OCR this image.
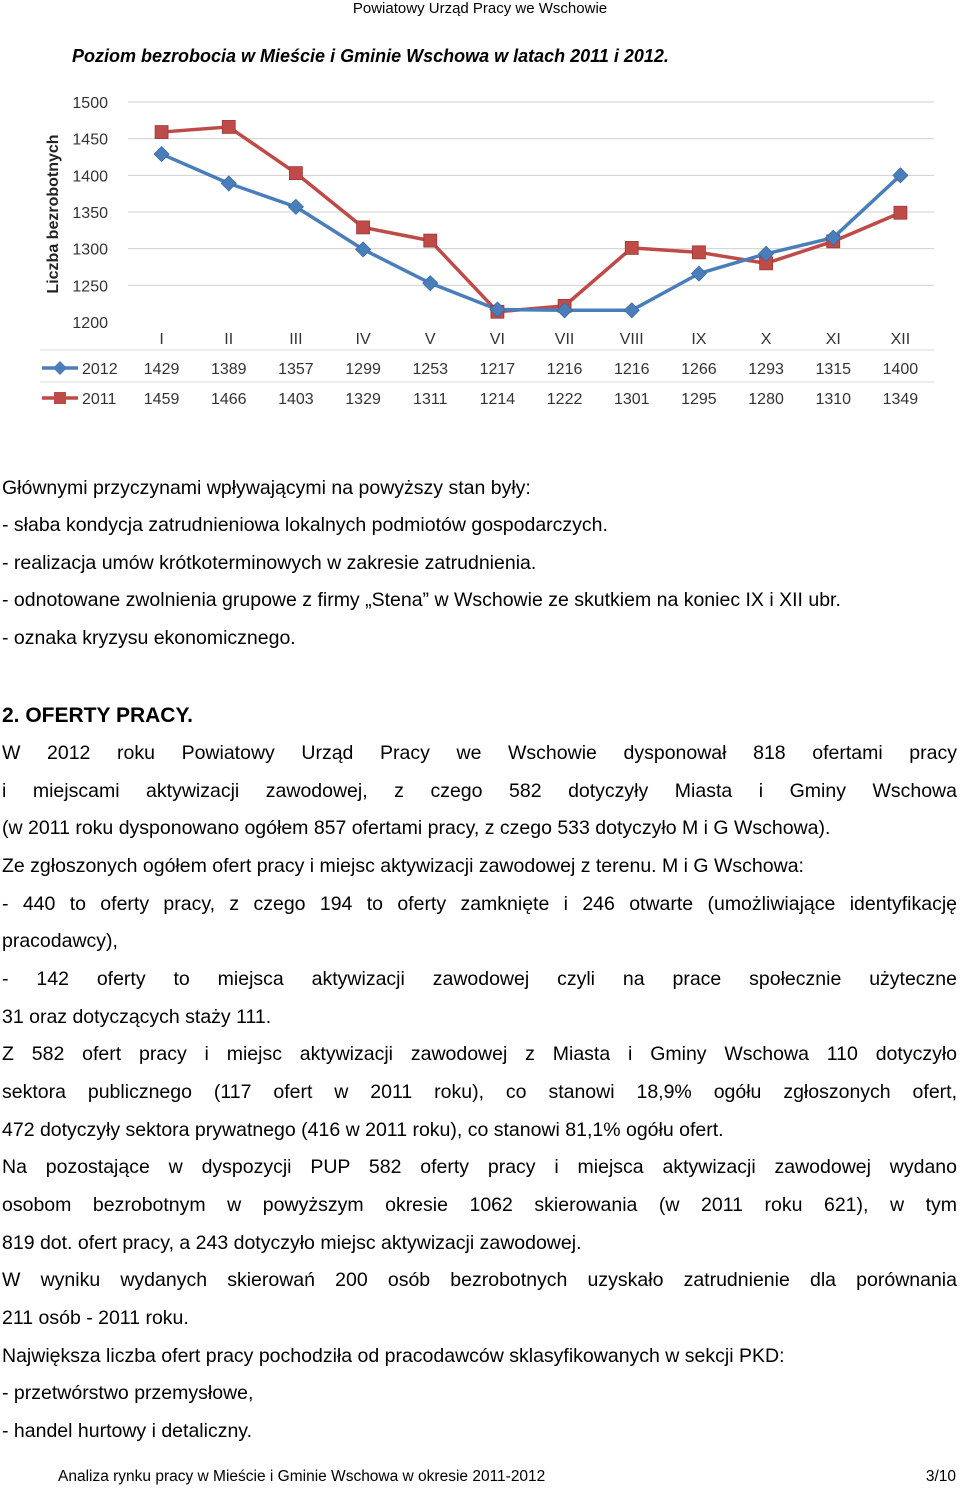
Powiatowy Urząd Pracy we Wschowie
Poziom bezrobocia w Mieście i Gminie Wschowa w latach 2011 i 2012.
Liczba bezrobotnych
1500
1450
1400
1350
1300
1250
1200
I	II	III	IV	V	VI	VII	VIII	IX	X	XI	XII
2012 1429 1389 1357 1299 1253 1217 1216 1216 1266 1293 1315 1400
2011 1459 1466 1403 1329 1311 1214 1222 1301 1295 1280 1310 1349
Głównymi przyczynami wpływającymi na powyższy stan były:
- słaba kondycja zatrudnieniowa lokalnych podmiotów gospodarczych.
- realizacja umów krótkoterminowych w zakresie zatrudnienia.
- odnotowane zwolnienia grupowe z firmy „Stena” w Wschowie ze skutkiem na koniec IX i XII ubr.
- oznaka kryzysu ekonomicznego.
2. OFERTY PRACY.
W 2012 roku Powiatowy Urząd Pracy we Wschowie dysponował 818 ofertami pracy
i miejscami aktywizacji zawodowej, z czego 582 dotyczyły Miasta i Gminy Wschowa
(w 2011 roku dysponowano ogółem 857 ofertami pracy, z czego 533 dotyczyło M i G Wschowa).
Ze zgłoszonych ogółem ofert pracy i miejsc aktywizacji zawodowej z terenu. M i G Wschowa:
- 440 to oferty pracy, z czego 194 to oferty zamknięte i 246 otwarte (umożliwiające identyfikację
pracodawcy),
- 142 oferty to miejsca aktywizacji zawodowej czyli na prace społecznie użyteczne
31 oraz dotyczących staży 111.
Z 582 ofert pracy i miejsc aktywizacji zawodowej z Miasta i Gminy Wschowa 110 dotyczyło
sektora publicznego (117 ofert w 2011 roku), co stanowi 18,9% ogółu zgłoszonych ofert,
472 dotyczyły sektora prywatnego (416 w 2011 roku), co stanowi 81,1% ogółu ofert.
Na pozostające w dyspozycji PUP 582 oferty pracy i miejsca aktywizacji zawodowej wydano
osobom bezrobotnym w powyższym okresie 1062 skierowania (w 2011 roku 621), w tym
819 dot. ofert pracy, a 243 dotyczyło miejsc aktywizacji zawodowej.
W wyniku wydanych skierowań 200 osób bezrobotnych uzyskało zatrudnienie dla porównania
211 osób - 2011 roku.
Największa liczba ofert pracy pochodziła od pracodawców sklasyfikowanych w sekcji PKD:
- przetwórstwo przemysłowe,
- handel hurtowy i detaliczny.
Analiza rynku pracy w Mieście i Gminie Wschowa w okresie 2011-2012	3/10
